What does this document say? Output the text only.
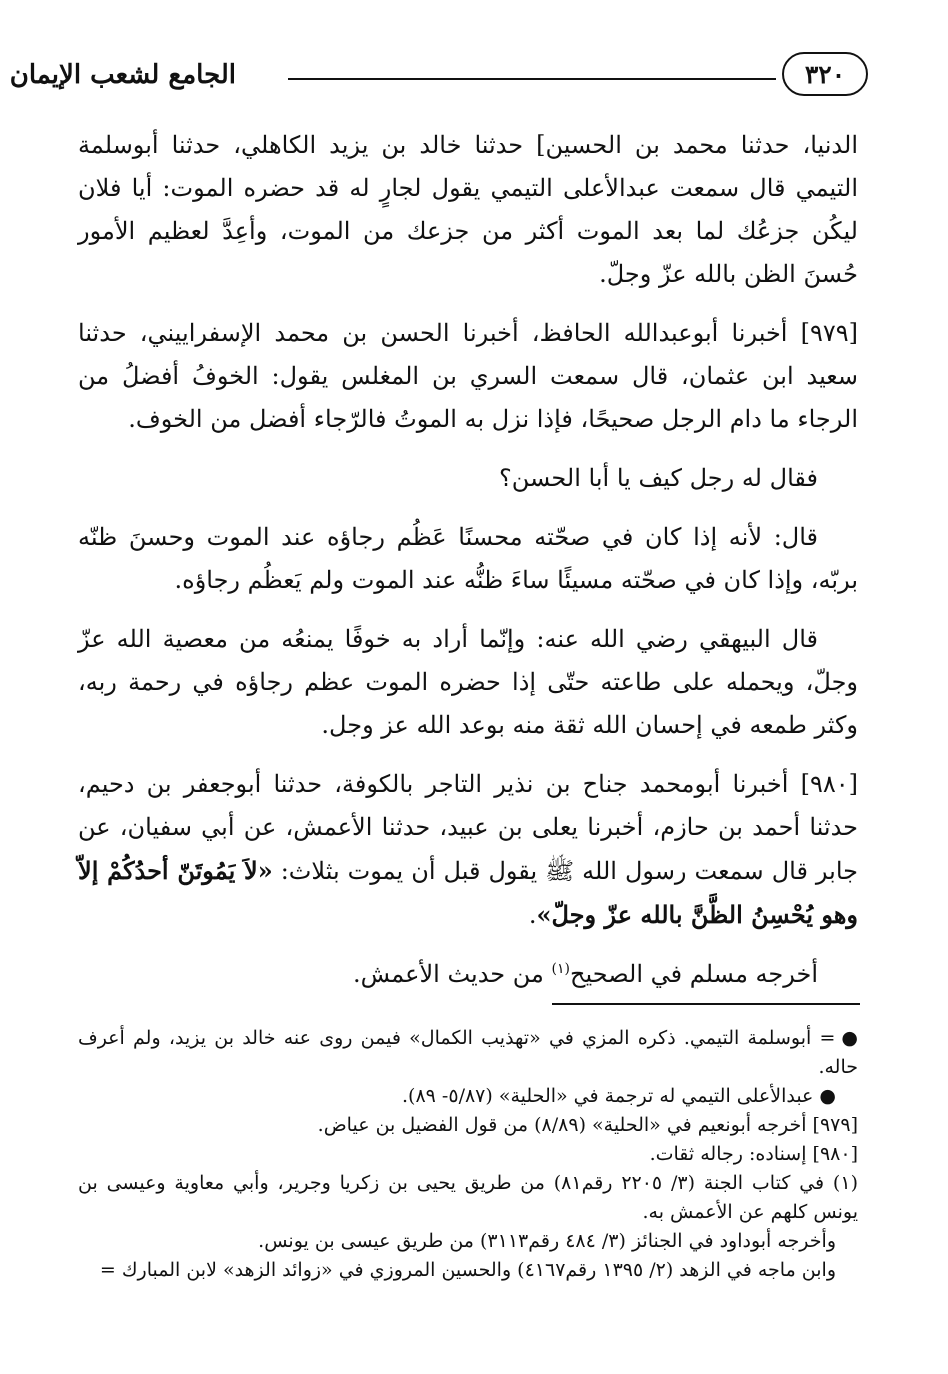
الجامع لشعب الإيمان	٣٢٠

الدنيا، حدثنا محمد بن الحسين] حدثنا خالد بن يزيد الكاهلي، حدثنا أبوسلمة التيمي قال سمعت عبدالأعلى التيمي يقول لجارٍ له قد حضره الموت: أيا فلان ليكُن جزعُك لما بعد الموت أكثر من جزعك من الموت، وأعِدَّ لعظيم الأمور حُسنَ الظن بالله عزّ وجلّ.

[٩٧٩] أخبرنا أبوعبدالله الحافظ، أخبرنا الحسن بن محمد الإسفراييني، حدثنا سعيد ابن عثمان، قال سمعت السري بن المغلس يقول: الخوفُ أفضلُ من الرجاء ما دام الرجل صحيحًا، فإذا نزل به الموتُ فالرّجاء أفضل من الخوف.

فقال له رجل كيف يا أبا الحسن؟

قال: لأنه إذا كان في صحّته محسنًا عَظُم رجاؤه عند الموت وحسنَ ظنّه بربّه، وإذا كان في صحّته مسيئًا ساءَ ظنُّه عند الموت ولم يَعظُم رجاؤه.

قال البيهقي رضي الله عنه: وإنّما أراد به خوفًا يمنعُه من معصية الله عزّ وجلّ، ويحمله على طاعته حتّى إذا حضره الموت عظم رجاؤه في رحمة ربه، وكثر طمعه في إحسان الله ثقة منه بوعد الله عز وجل.

[٩٨٠] أخبرنا أبومحمد جناح بن نذير التاجر بالكوفة، حدثنا أبوجعفر بن دحيم، حدثنا أحمد بن حازم، أخبرنا يعلى بن عبيد، حدثنا الأعمش، عن أبي سفيان، عن جابر قال سمعت رسول الله ﷺ يقول قبل أن يموت بثلاث: «لاَ يَمُوتَنّ أحدُكُمْ إلاّ وهو يُحْسِنُ الظَّنَّ بالله عزّ وجلّ».

أخرجه مسلم في الصحيح$^{(١)}$ من حديث الأعمش.

●= أبوسلمة التيمي. ذكره المزي في «تهذيب الكمال» فيمن روى عنه خالد بن يزيد، ولم أعرف حاله.

●عبدالأعلى التيمي له ترجمة في «الحلية» (٥/٨٧- ٨٩).

[٩٧٩] أخرجه أبونعيم في «الحلية» (٨/٨٩) من قول الفضيل بن عياض.

[٩٨٠] إسناده: رجاله ثقات.

(١) في كتاب الجنة (٣/ ٢٢٠٥ رقم٨١) من طريق يحيى بن زكريا وجرير، وأبي معاوية وعيسى بن يونس كلهم عن الأعمش به.

وأخرجه أبوداود في الجنائز (٣/ ٤٨٤ رقم٣١١٣) من طريق عيسى بن يونس.

وابن ماجه في الزهد (٢/ ١٣٩٥ رقم٤١٦٧) والحسين المروزي في «زوائد الزهد» لابن المبارك =
